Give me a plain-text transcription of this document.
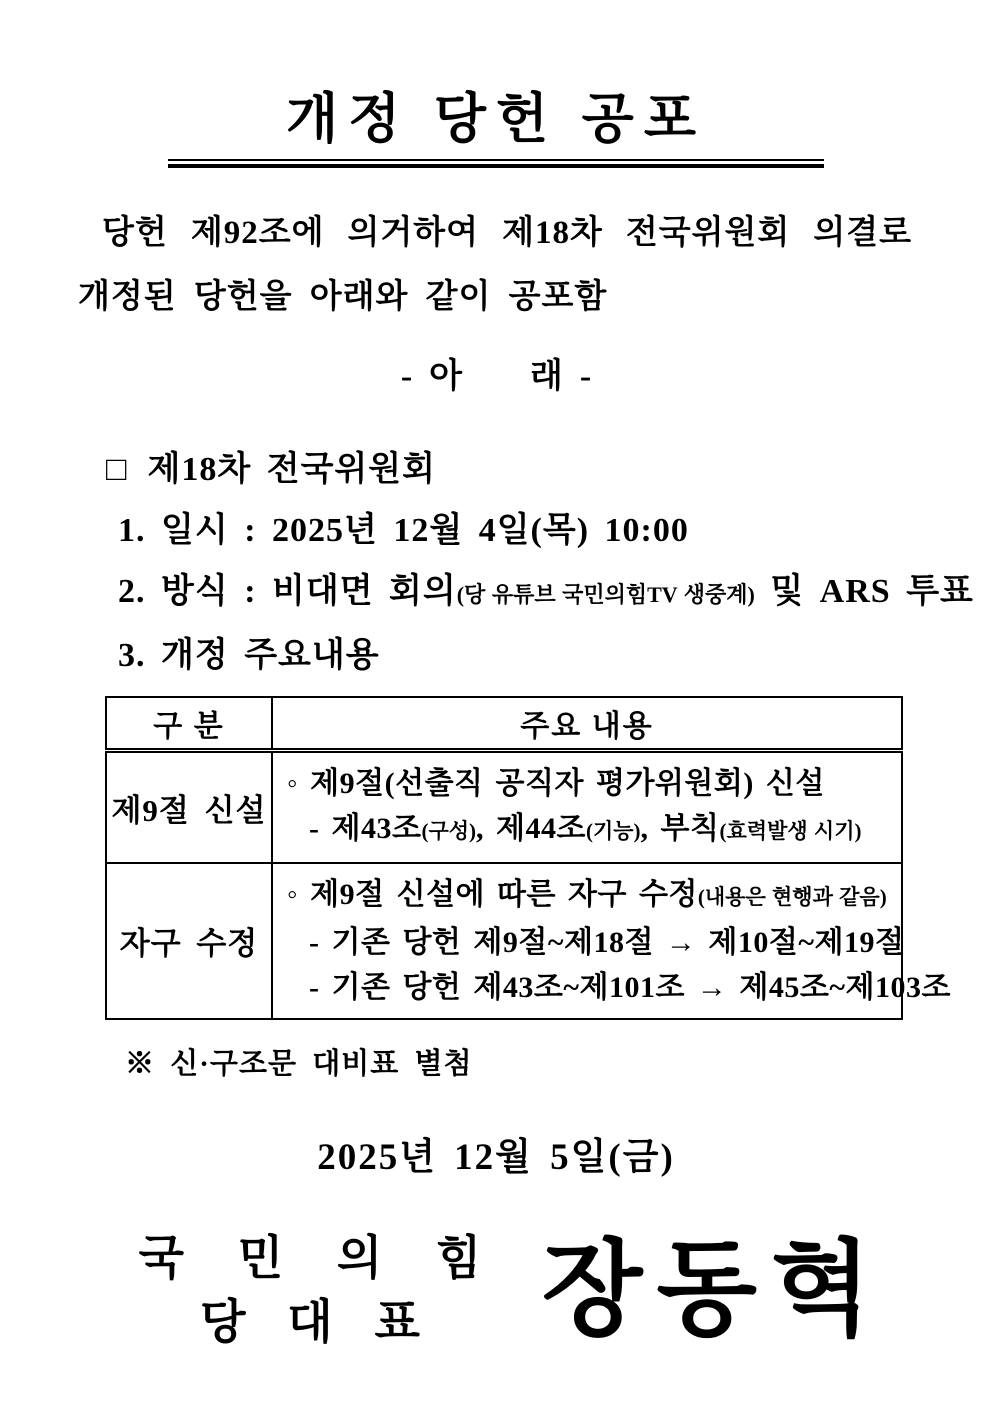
개정 당헌 공포
당헌 제92조에 의거하여 제18차 전국위원회 의결로
개정된 당헌을 아래와 같이 공포함
-  아        래  -
□ 제18차 전국위원회
1. 일시 : 2025년 12월 4일(목) 10:00
2. 방식 : 비대면 회의(당 유튜브 국민의힘TV 생중계) 및 ARS 투표
3. 개정 주요내용
구 분	주요 내용
제9절 신설	◦ 제9절(선출직 공직자 평가위원회) 신설
- 제43조(구성), 제44조(기능), 부칙(효력발생 시기)

자구 수정	◦ 제9절 신설에 따른 자구 수정(내용은 현행과 같음)
- 기존 당헌 제9절~제18절 → 제10절~제19절
- 기존 당헌 제43조~제101조 → 제45조~제103조
※ 신·구조문 대비표 별첨
2025년 12월 5일(금)
국 민 의 힘
당 대 표	장 동 혁
